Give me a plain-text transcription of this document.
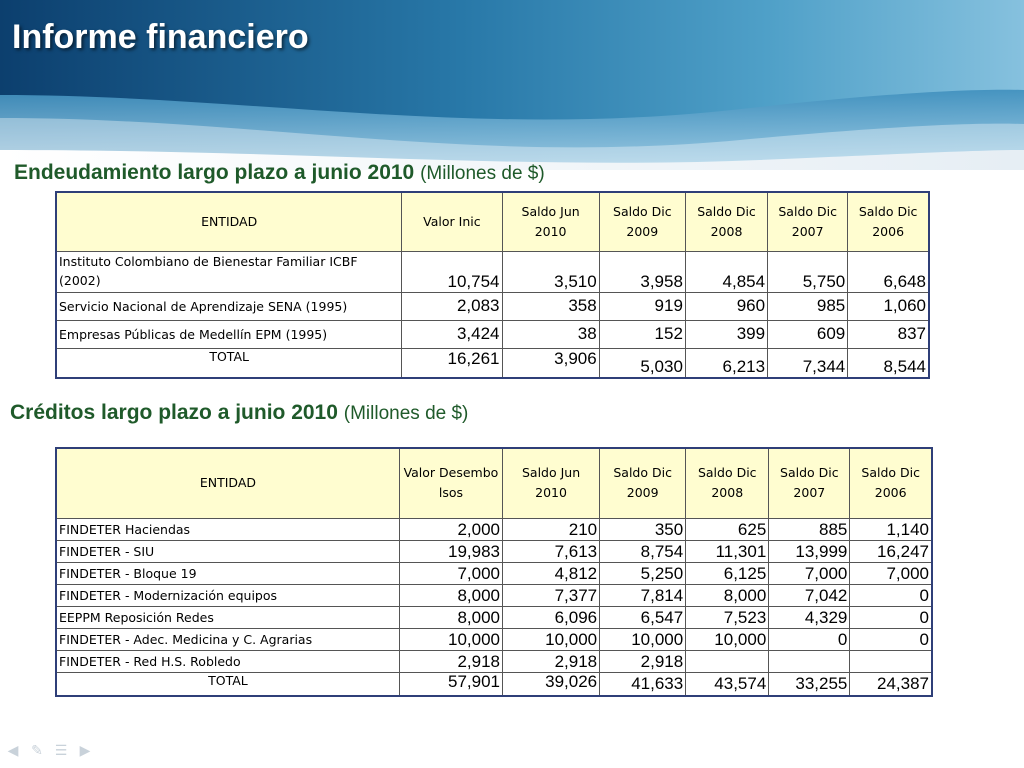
Informe financiero
Endeudamiento largo plazo a junio 2010 (Millones de $)
ENTIDAD	Valor Inic	Saldo Jun 2010	Saldo Dic 2009	Saldo Dic 2008	Saldo Dic 2007	Saldo Dic 2006
Instituto Colombiano de Bienestar Familiar ICBF (2002)	10,754	3,510	3,958	4,854	5,750	6,648
Servicio Nacional de Aprendizaje SENA (1995)	2,083	358	919	960	985	1,060
Empresas Públicas de Medellín EPM (1995)	3,424	38	152	399	609	837
TOTAL	16,261	3,906	5,030	6,213	7,344	8,544
Créditos largo plazo a junio 2010 (Millones de $)
ENTIDAD	Valor Desembolsos	Saldo Jun 2010	Saldo Dic 2009	Saldo Dic 2008	Saldo Dic 2007	Saldo Dic 2006
FINDETER Haciendas	2,000	210	350	625	885	1,140
FINDETER - SIU	19,983	7,613	8,754	11,301	13,999	16,247
FINDETER - Bloque 19	7,000	4,812	5,250	6,125	7,000	7,000
FINDETER - Modernización equipos	8,000	7,377	7,814	8,000	7,042	0
EEPPM Reposición Redes	8,000	6,096	6,547	7,523	4,329	0
FINDETER - Adec. Medicina y C. Agrarias	10,000	10,000	10,000	10,000	0	0
FINDETER - Red H.S. Robledo	2,918	2,918	2,918			
TOTAL	57,901	39,026	41,633	43,574	33,255	24,387
◀ ✎ ☰ ▶
